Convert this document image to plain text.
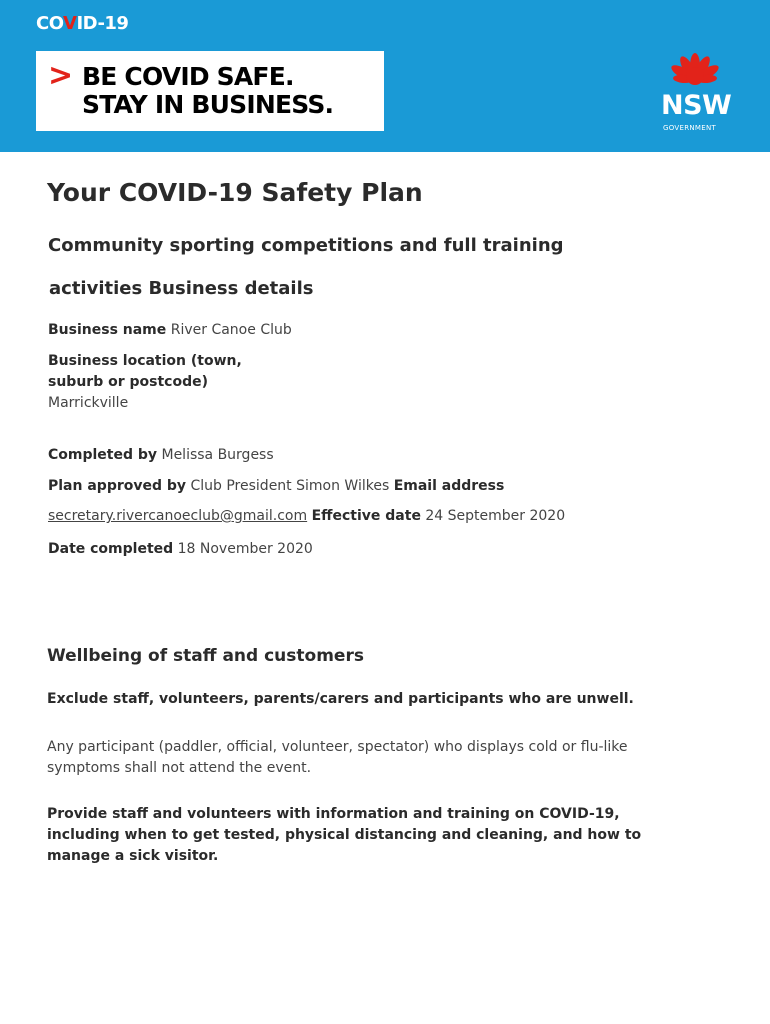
COVID-19
> BE COVID SAFE.
STAY IN BUSINESS.	NSW
GOVERNMENT
Your COVID-19 Safety Plan
Community sporting competitions and full training
activities Business details
Business name River Canoe Club
Business location (town,
suburb or postcode)
Marrickville
Completed by Melissa Burgess
Plan approved by Club President Simon Wilkes Email address
secretary.rivercanoeclub@gmail.com Effective date 24 September 2020
Date completed 18 November 2020
Wellbeing of staff and customers

Exclude staff, volunteers, parents/carers and participants who are unwell.

Any participant (paddler, official, volunteer, spectator) who displays cold or flu-like symptoms shall not attend the event.

Provide staff and volunteers with information and training on COVID-19, including when to get tested, physical distancing and cleaning, and how to manage a sick visitor.
